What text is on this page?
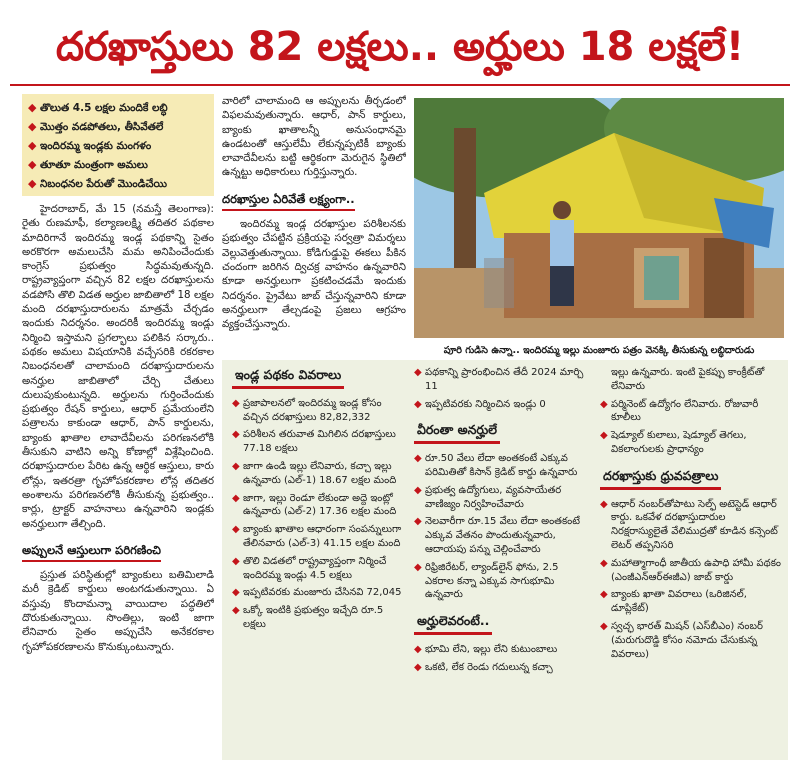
దరఖాస్తులు 82 లక్షలు.. అర్హులు 18 లక్షలే!
◆ తొలుత 4.5 లక్షల మందికే లబ్ధి
◆ మొత్తం వడపోతలు, తీసివేతలే
◆ ఇందిరమ్మ ఇండ్లకు మంగళం
◆ తూతూ మంత్రంగా అమలు
◆ నిబంధనల పేరుతో మొండిచేయి

హైదరాబాద్, మే 15 (నమస్తే తెలంగాణ): రైతు రుణమాఫీ, కల్యాణలక్ష్మి తదితర పథకాల మాదిరిగానే ఇందిరమ్మ ఇండ్ల పథకాన్ని సైతం అరకొరగా అమలుచేసి మమ అనిపించేందుకు కాంగ్రెస్ ప్రభుత్వం సిద్ధమవుతున్నది. రాష్ట్రవ్యాప్తంగా వచ్చిన 82 లక్షల దరఖాస్తులను వడపోసి తొలి విడత అర్హుల జాబితాలో 18 లక్షల మంది దరఖాస్తుదారులను మాత్రమే చేర్చడం ఇందుకు నిదర్శనం. అందరికీ ఇందిరమ్మ ఇండ్లు నిర్మించి ఇస్తామని ప్రగల్భాలు పలికిన సర్కారు.. పథకం అమలు విషయానికి వచ్చేసరికి రకరకాల నిబంధనలతో చాలామంది దరఖాస్తుదారులను అనర్హుల జాబితాలో చేర్చి చేతులు దులుపుకుంటున్నది. అర్హులను గుర్తించేందుకు ప్రభుత్వం రేషన్ కార్డులు, ఆధార్ ప్రమేయంలేని పత్రాలను కాకుండా ఆధార్, పాన్ కార్డులను, బ్యాంకు ఖాతాల లావాదేవీలను పరిగణనలోకి తీసుకుని వాటిని అన్ని కోణాల్లో విశ్లేషించింది. దరఖాస్తుదారుల పేరిట ఉన్న ఆర్థిక ఆస్తులు, కారు లోన్లు, ఇతరత్రా గృహోపకరణాల లోన్ల తదితర అంశాలను పరిగణనలోకి తీసుకున్న ప్రభుత్వం.. కార్లు, ట్రాక్టర్ వాహనాలు ఉన్నవారిని ఇండ్లకు అనర్హులుగా తేల్చింది.

అప్పులనే ఆస్తులుగా పరిగణించి

ప్రస్తుత పరిస్థితుల్లో బ్యాంకులు బతిమిలాడి మరీ క్రెడిట్ కార్డులు అంటగడుతున్నాయి. ఏ వస్తువు కొందామన్నా వాయిదాల పద్ధతిలో దొరుకుతున్నాయి. సొంతిల్లు, ఇంటి జాగా లేనివారు సైతం అప్పుచేసి అనేకరకాల గృహోపకరణాలను కొనుక్కుంటున్నారు.

వారిలో చాలామంది ఆ అప్పులను తీర్చడంలో విఫలమవుతున్నారు. ఆధార్, పాన్ కార్డులు, బ్యాంకు ఖాతాలన్నీ అనుసంధానమై ఉండటంతో ఆస్తులేమీ లేకున్నప్పటికీ బ్యాంకు లావాదేవీలను బట్టి ఆర్థికంగా మెరుగైన స్థితిలో ఉన్నట్టు అధికారులు గుర్తిస్తున్నారు.

దరఖాస్తుల ఏరివేతే లక్ష్యంగా..

ఇందిరమ్మ ఇండ్ల దరఖాస్తుల పరిశీలనకు ప్రభుత్వం చేపట్టిన ప్రక్రియపై సర్వత్రా విమర్శలు వెల్లువెత్తుతున్నాయి. కోడిగుడ్డుపై ఈకలు పీకిన చందంగా జరిగిన ద్విచక్ర వాహనం ఉన్నవారిని కూడా అనర్హులుగా ప్రకటించడమే ఇందుకు నిదర్శనం. ప్రైవేటు జాబ్ చేస్తున్నవారిని కూడా అనర్హులుగా తేల్చడంపై ప్రజలు ఆగ్రహం వ్యక్తంచేస్తున్నారు.

పూరి గుడిసె ఉన్నా.. ఇందిరమ్మ ఇల్లు మంజూరు పత్రం వెనక్కి తీసుకున్న లబ్ధిదారుడు
ఇండ్ల పథకం వివరాలు
◆ ప్రజాపాలనలో ఇందిరమ్మ ఇండ్ల కోసం వచ్చిన దరఖాస్తులు 82,82,332
◆ పరిశీలన తరువాత మిగిలిన దరఖాస్తులు 77.18 లక్షలు
◆ జాగా ఉండి ఇల్లు లేనివారు, కచ్చా ఇల్లు ఉన్నవారు (ఎల్-1) 18.67 లక్షల మంది
◆ జాగా, ఇల్లు రెండూ లేకుండా అద్దె ఇంట్లో ఉన్నవారు (ఎల్-2) 17.36 లక్షల మంది
◆ బ్యాంకు ఖాతాల ఆధారంగా సంపన్నులుగా తేలినవారు (ఎల్-3) 41.15 లక్షల మంది
◆ తొలి విడతలో రాష్ట్రవ్యాప్తంగా నిర్మించే ఇందిరమ్మ ఇండ్లు 4.5 లక్షలు
◆ ఇప్పటివరకు మంజూరు చేసినవి 72,045
◆ ఒక్కో ఇంటికి ప్రభుత్వం ఇచ్చేది రూ.5 లక్షలు
◆ పథకాన్ని ప్రారంభించిన తేదీ 2024 మార్చి 11
◆ ఇప్పటివరకు నిర్మించిన ఇండ్లు 0
వీరంతా అనర్హులే
◆ రూ.50 వేలు లేదా అంతకంటే ఎక్కువ పరిమితితో కిసాన్ క్రెడిట్ కార్డు ఉన్నవారు
◆ ప్రభుత్వ ఉద్యోగులు, వ్యవసాయేతర వాణిజ్యం నిర్వహించేవారు
◆ నెలవారీగా రూ.15 వేలు లేదా అంతకంటే ఎక్కువ వేతనం పొందుతున్నవారు, ఆదాయపు పన్ను చెల్లించేవారు
◆ రిఫ్రిజిరేటర్, ల్యాండ్‌లైన్ ఫోను, 2.5 ఎకరాల కన్నా ఎక్కువ సాగుభూమి ఉన్నవారు
అర్హులెవరంటే..
◆ భూమి లేని, ఇల్లు లేని కుటుంబాలు
◆ ఒకటి, లేక రెండు గదులున్న కచ్చా
ఇల్లు ఉన్నవారు. ఇంటి పైకప్పు కాంక్రీట్‌తో లేనివారు
◆ పర్మినెంట్ ఉద్యోగం లేనివారు. రోజువారీ కూలీలు
◆ షెడ్యూల్ కులాలు, షెడ్యూల్ తెగలు, వికలాంగులకు ప్రాధాన్యం
దరఖాస్తుకు ధ్రువపత్రాలు
◆ ఆధార్ నంబర్‌తోపాటు సెల్ఫ్ అటెస్టెడ్ ఆధార్ కార్డు. ఒకవేళ దరఖాస్తుదారుల నిరక్షరాస్యులైతే వేలిముద్రతో కూడిన కన్సెంట్ లెటర్ తప్పనిసరి
◆ మహాత్మాగాంధీ జాతీయ ఉపాధి హామీ పథకం (ఎంజీఎన్‌ఆర్‌ఈజీఎ) జాబ్ కార్డు
◆ బ్యాంకు ఖాతా వివరాలు (ఒరిజినల్, డూప్లికేట్)
◆ స్వచ్ఛ భారత్ మిషన్ (ఎస్‌బీఎం) నంబర్ (మరుగుదొడ్డి కోసం నమోదు చేసుకున్న వివరాలు)
